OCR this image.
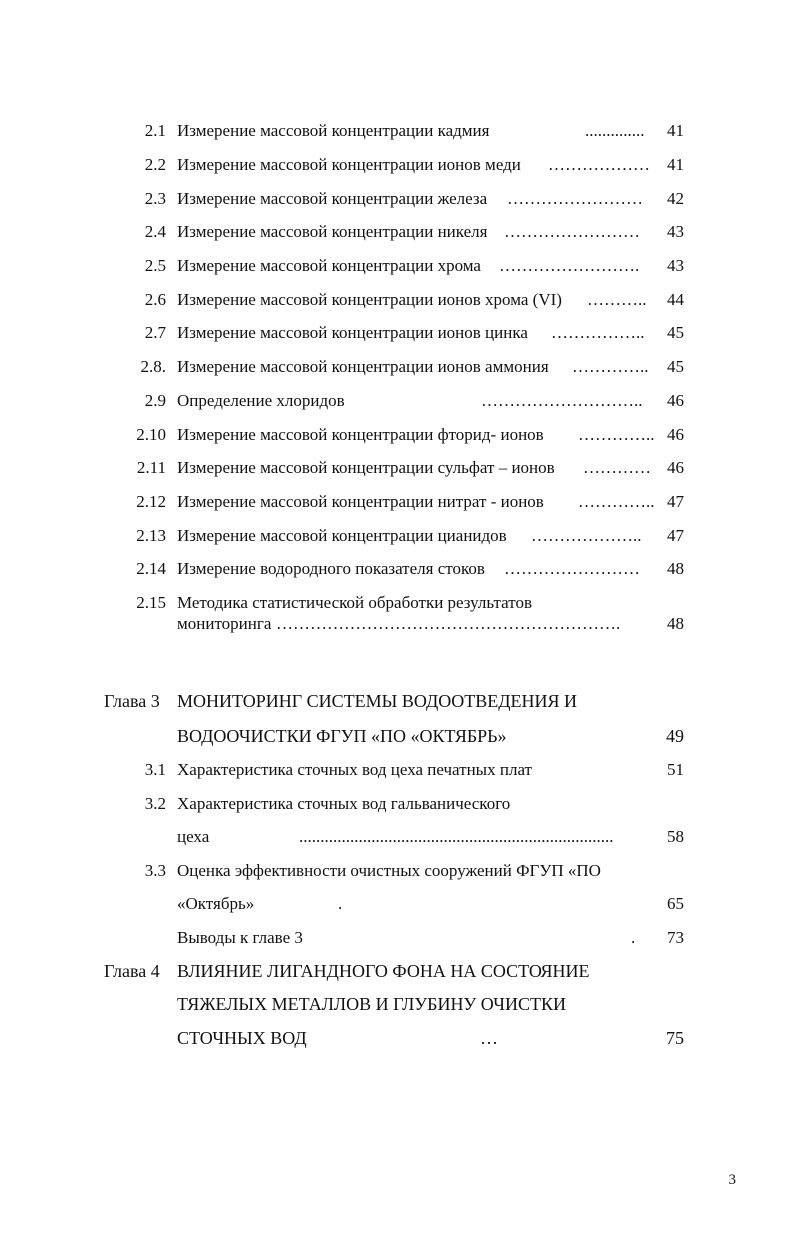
2.1 Измерение массовой концентрации кадмия	.............. 41
2.2 Измерение массовой концентрации ионов меди ……………… 41
2.3 Измерение массовой концентрации железа …………………… 42
2.4 Измерение массовой концентрации никеля …………………… 43
2.5 Измерение массовой концентрации хрома ……………………. 43
2.6 Измерение массовой концентрации ионов хрома (VI) ……….. 44
2.7 Измерение массовой концентрации ионов цинка …………….. 45
2.8. Измерение массовой концентрации ионов аммония ………….. 45
2.9 Определение хлоридов	……………………….. 46
2.10 Измерение массовой концентрации фторид- ионов ………….. 46
2.11 Измерение массовой концентрации сульфат – ионов ………… 46
2.12 Измерение массовой концентрации нитрат - ионов ………….. 47
2.13 Измерение массовой концентрации цианидов ……………….. 47
2.14 Измерение водородного показателя стоков …………………… 48
2.15 Методика статистической обработки результатов
мониторинга …………………………………………………….	48
Глава 3 МОНИТОРИНГ СИСТЕМЫ ВОДООТВЕДЕНИЯ И
ВОДООЧИСТКИ ФГУП «ПО «ОКТЯБРЬ»	49
3.1 Характеристика сточных вод цеха печатных плат	51
3.2 Характеристика сточных вод гальванического
цеха	..........................................................................	58
3.3 Оценка эффективности очистных сооружений ФГУП «ПО
«Октябрь»	.	65
Выводы к главе 3	. 73
Глава 4 ВЛИЯНИЕ ЛИГАНДНОГО ФОНА НА СОСТОЯНИЕ
ТЯЖЕЛЫХ МЕТАЛЛОВ И ГЛУБИНУ ОЧИСТКИ
СТОЧНЫХ ВОД	…	75
3
